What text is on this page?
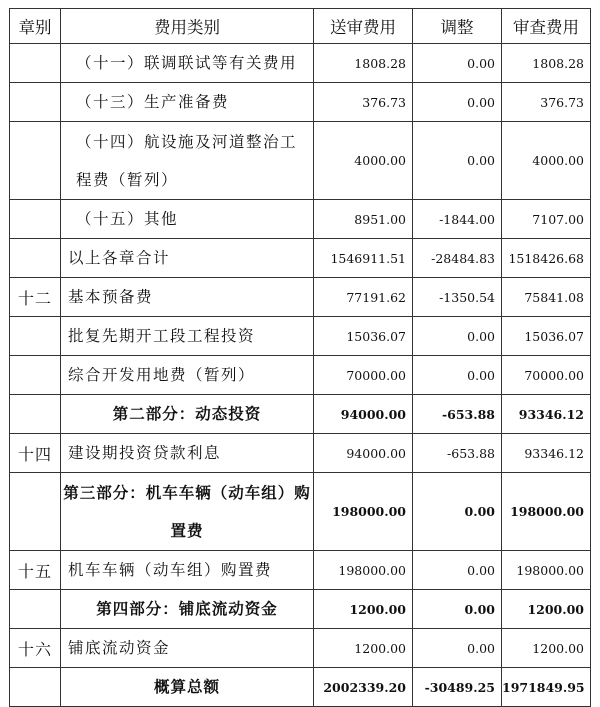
章别	费用类别	送审费用	调整	审查费用
	（十一）联调联试等有关费用	1808.28	0.00	1808.28
	（十三）生产准备费	376.73	0.00	376.73
	（十四）航设施及河道整治工程费（暂列）	4000.00	0.00	4000.00
	（十五）其他	8951.00	-1844.00	7107.00
	以上各章合计	1546911.51	-28484.83	1518426.68
十二	基本预备费	77191.62	-1350.54	75841.08
	批复先期开工段工程投资	15036.07	0.00	15036.07
	综合开发用地费（暂列）	70000.00	0.00	70000.00
	第二部分：动态投资	94000.00	-653.88	93346.12
十四	建设期投资贷款利息	94000.00	-653.88	93346.12
	第三部分：机车车辆（动车组）购置费	198000.00	0.00	198000.00
十五	机车车辆（动车组）购置费	198000.00	0.00	198000.00
	第四部分：铺底流动资金	1200.00	0.00	1200.00
十六	铺底流动资金	1200.00	0.00	1200.00
	概算总额	2002339.20	-30489.25	1971849.95
